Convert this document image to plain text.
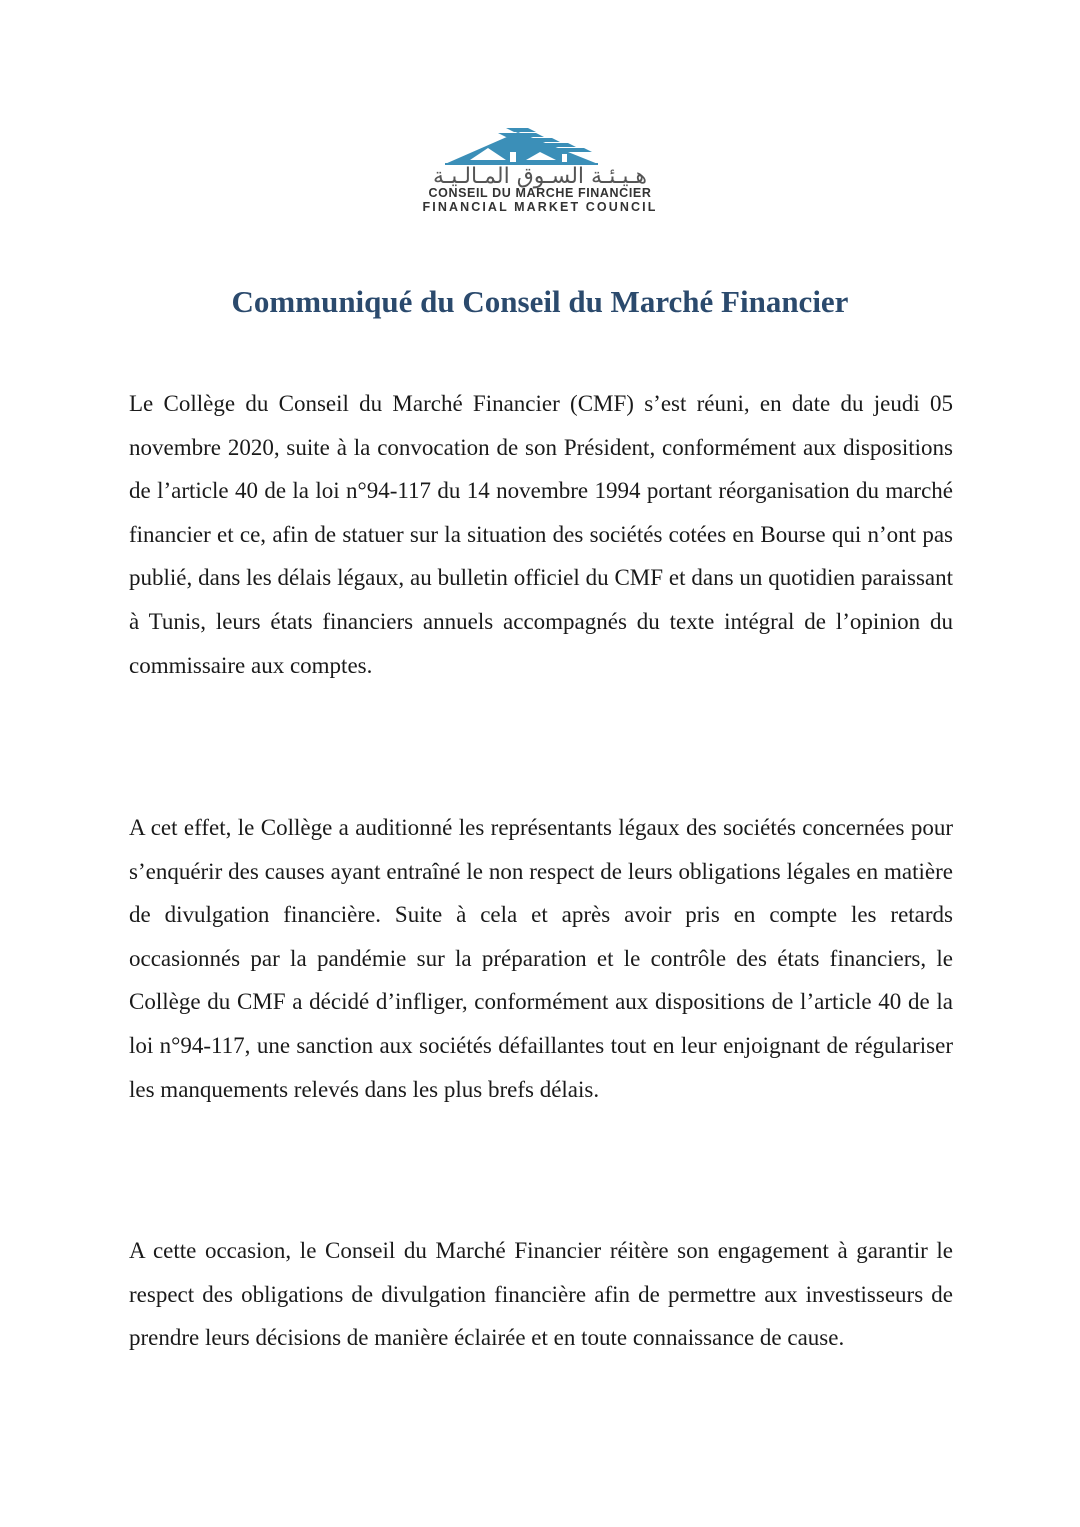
هـيـئـة السـوق المـالـيـة
CONSEIL DU MARCHE FINANCIER
FINANCIAL MARKET COUNCIL
Communiqué du Conseil du Marché Financier

Le Collège du Conseil du Marché Financier (CMF) s’est réuni, en date du jeudi 05 novembre 2020, suite à la convocation de son Président, conformément aux dispositions de l’article 40 de la loi n°94-117 du 14 novembre 1994 portant réorganisation du marché financier et ce, afin de statuer sur la situation des sociétés cotées en Bourse qui n’ont pas publié, dans les délais légaux, au bulletin officiel du CMF et dans un quotidien paraissant à Tunis, leurs états financiers annuels accompagnés du texte intégral de l’opinion du commissaire aux comptes.

A cet effet, le Collège a auditionné les représentants légaux des sociétés concernées pour s’enquérir des causes ayant entraîné le non respect de leurs obligations légales en matière de divulgation financière. Suite à cela et après avoir pris en compte les retards occasionnés par la pandémie sur la préparation et le contrôle des états financiers, le Collège du CMF a décidé d’infliger, conformément aux dispositions de l’article 40 de la loi n°94-117, une sanction aux sociétés défaillantes tout en leur enjoignant de régulariser les manquements relevés dans les plus brefs délais.

A cette occasion, le Conseil du Marché Financier réitère son engagement à garantir le respect des obligations de divulgation financière afin de permettre aux investisseurs de prendre leurs décisions de manière éclairée et en toute connaissance de cause.
